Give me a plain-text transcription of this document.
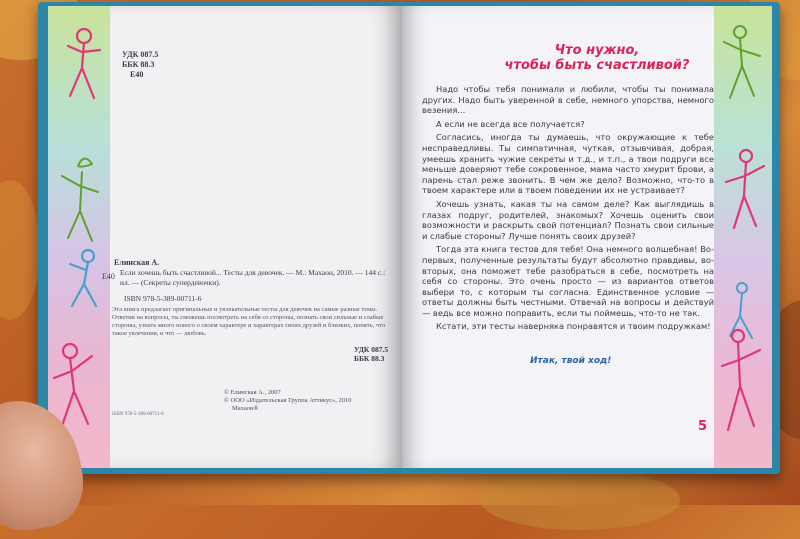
УДК 087.5
ББК 88.3
Е40
Елинская А.
Е40 Если хочешь быть счастливой... Тесты для девочек. — М.: Махаон, 2010. — 144 с.: ил. — (Секреты супердевочки).
ISBN 978-5-389-00711-6
Эта книга предлагает оригинальные и увлекательные тесты для девочек на самые разные темы. Ответив на вопросы, ты сможешь посмотреть на себя со стороны, познать свои сильные и слабые стороны, узнать много нового о своем характере и характерах своих друзей и близких, понять, что такое увлечения, и что — любовь.
УДК 087.5
ББК 88.3
© Елинская А., 2007
© ООО «Издательская Группа Аттикус», 2010
Махаон®
ISBN 978-5-389-00711-6
Что нужно,
чтобы быть счастливой?

Надо чтобы тебя понимали и любили, чтобы ты понимала других. Надо быть уверенной в себе, немного упорства, немного везения...

А если не всегда все получается?

Согласись, иногда ты думаешь, что окружающие к тебе несправедливы. Ты симпатичная, чуткая, отзывчивая, добрая, умеешь хранить чужие секреты и т.д., и т.п., а твои подруги все меньше доверяют тебе сокровенное, мама часто хмурит брови, а парень стал реже звонить. В чем же дело? Возможно, что-то в твоем характере или в твоем поведении их не устраивает?

Хочешь узнать, какая ты на самом деле? Как выглядишь в глазах подруг, родителей, знакомых? Хочешь оценить свои возможности и раскрыть свой потенциал? Познать свои сильные и слабые стороны? Лучше понять своих друзей?

Тогда эта книга тестов для тебя! Она немного волшебная! Во-первых, полученные результаты будут абсолютно правдивы, во-вторых, она поможет тебе разобраться в себе, посмотреть на себя со стороны. Это очень просто — из вариантов ответов выбери то, с которым ты согласна. Единственное условие — ответы должны быть честными. Отвечай на вопросы и действуй — ведь все можно поправить, если ты поймешь, что-то не так.

Кстати, эти тесты наверняка понравятся и твоим подружкам!

Итак, твой ход!
5
